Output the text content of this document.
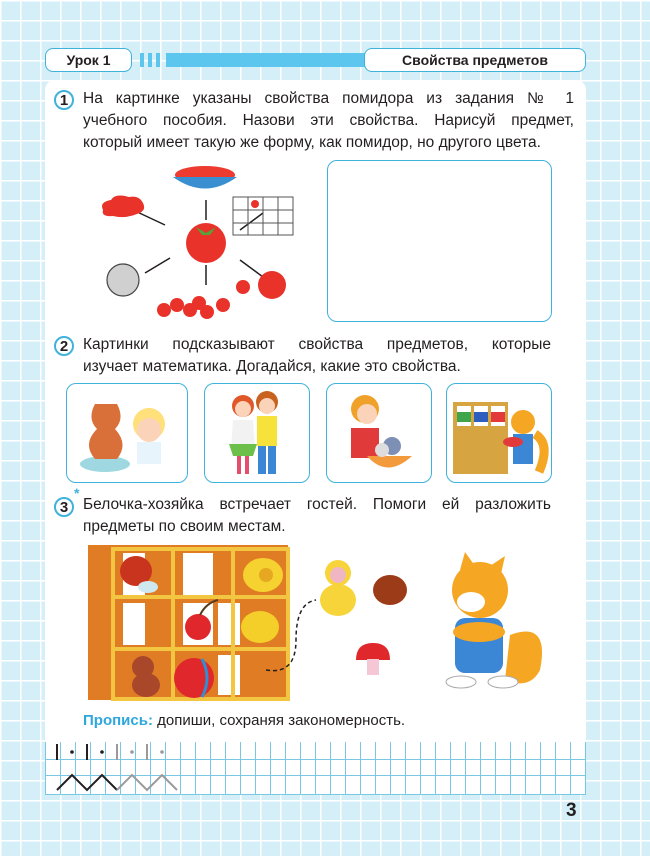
Урок 1	Свойства предметов
1 На картинке указаны свойства помидора из задания № 1
учебного пособия. Назови эти свойства. Нарисуй предмет,
который имеет такую же форму, как помидор, но другого цвета.
2 Картинки подсказывают свойства предметов, которые
изучает математика. Догадайся, какие это свойства.
3
*
Белочка-хозяйка встречает гостей. Помоги ей разложить
предметы по своим местам.
Пропись: допиши, сохраняя закономерность.
3
